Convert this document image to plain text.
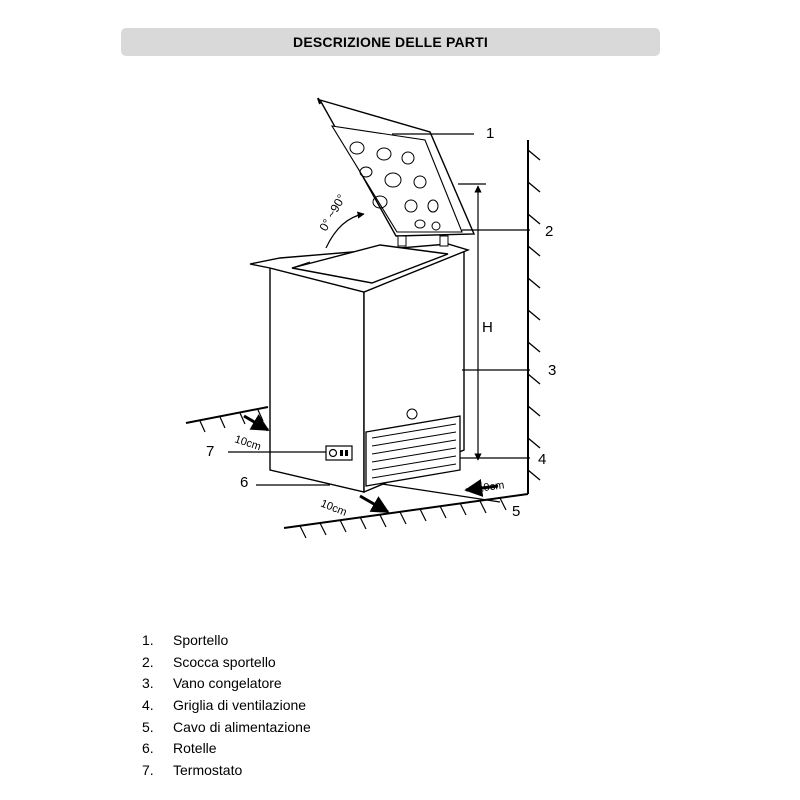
DESCRIZIONE DELLE PARTI
0° ~90°
H
10cm
10cm
10cm
1
2
3
4
5
6
7
1.	Sportello
2.	Scocca sportello
3.	Vano congelatore
4.	Griglia di ventilazione
5.	Cavo di alimentazione
6.	Rotelle
7.	Termostato
